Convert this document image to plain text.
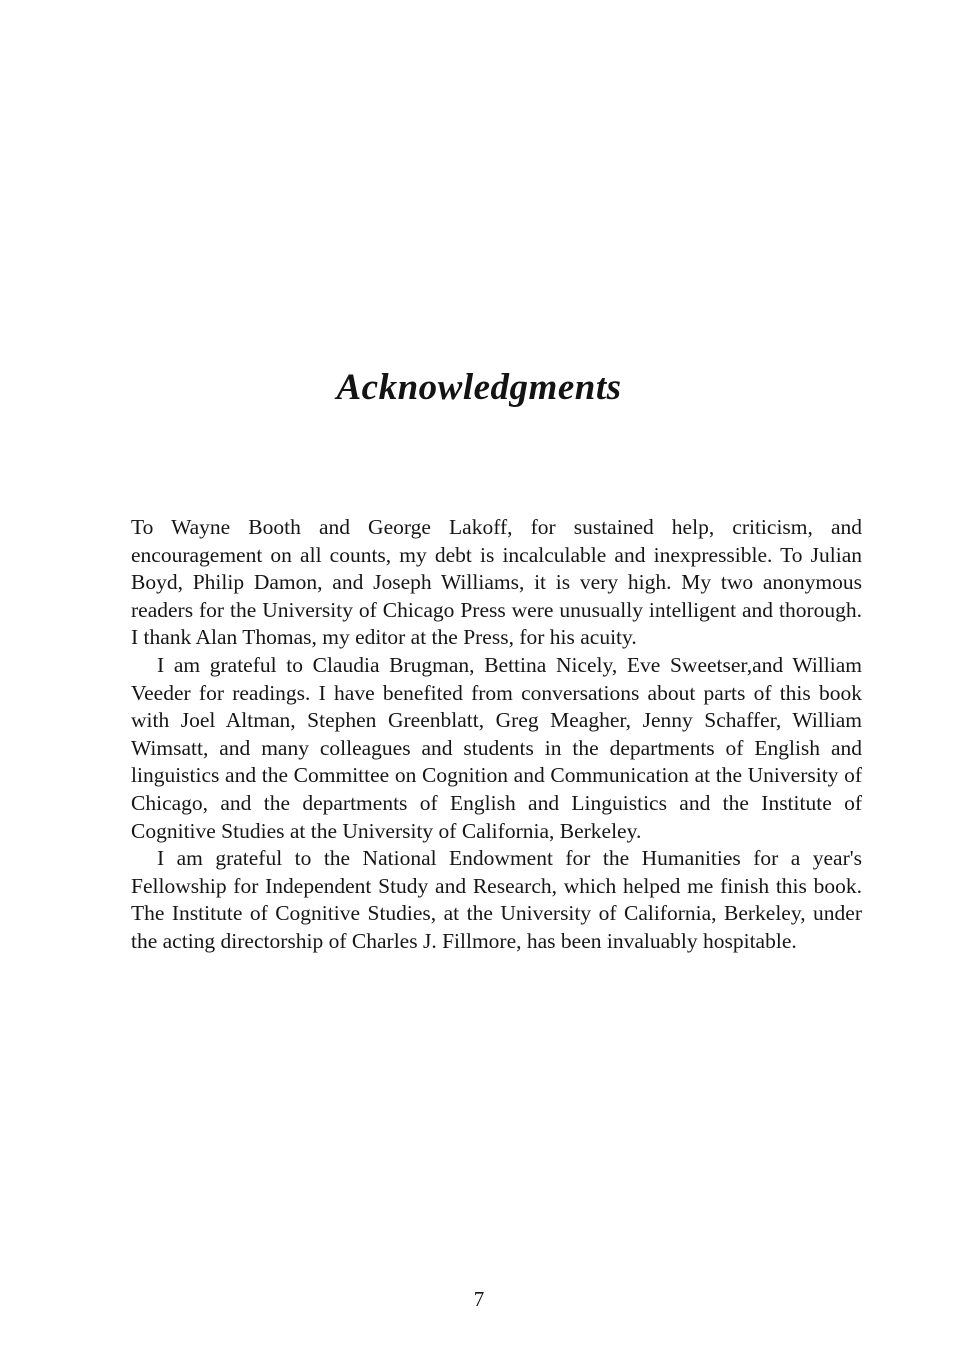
Acknowledgments

To Wayne Booth and George Lakoff, for sustained help, criticism, and encouragement on all counts, my debt is incalculable and inexpressible. To Julian Boyd, Philip Damon, and Joseph Williams, it is very high. My two anonymous readers for the University of Chicago Press were unusually intelligent and thorough. I thank Alan Thomas, my editor at the Press, for his acuity.

I am grateful to Claudia Brugman, Bettina Nicely, Eve Sweetser,and William Veeder for readings. I have benefited from conversations about parts of this book with Joel Altman, Stephen Greenblatt, Greg Meagher, Jenny Schaffer, William Wimsatt, and many colleagues and students in the departments of English and linguistics and the Committee on Cognition and Communication at the University of Chicago, and the departments of English and Linguistics and the Institute of Cognitive Studies at the University of California, Berkeley.

I am grateful to the National Endowment for the Humanities for a year's Fellowship for Independent Study and Research, which helped me finish this book. The Institute of Cognitive Studies, at the University of California, Berkeley, under the acting directorship of Charles J. Fillmore, has been invaluably hospitable.

7
